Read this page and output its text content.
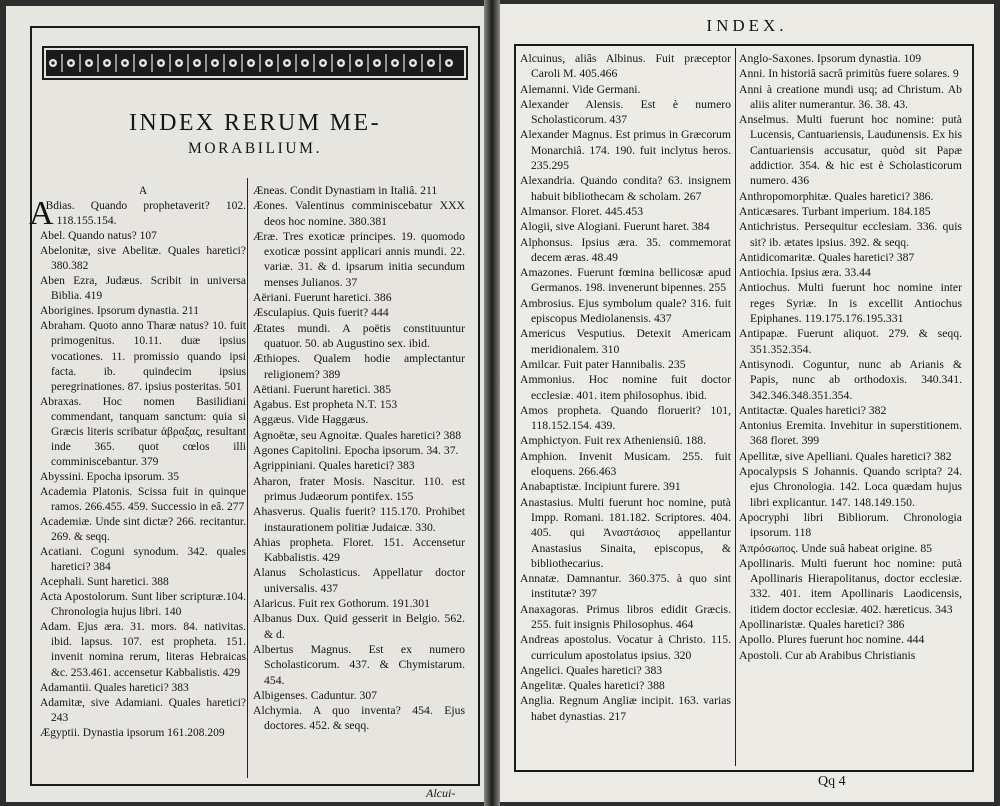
INDEX RERUM ME-
MORABILIUM.
A

A
Bdias. Quando prophetaverit? 102. 118.155.154.

Abel. Quando natus? 107

Abelonitæ, sive Abelitæ. Quales haretici? 380.382

Aben Ezra, Judæus. Scribit in universa Biblia. 419

Aborigines. Ipsorum dynastia. 211

Abraham. Quoto anno Tharæ natus? 10. fuit primogenitus. 10.11. duæ ipsius vocationes. 11. promissio quando ipsi facta. ib. quindecim ipsius peregrinationes. 87. ipsius posteritas. 501

Abraxas. Hoc nomen Basilidiani commendant, tanquam sanctum: quia si Græcis literis scribatur ἀβραξας, resultant inde 365. quot cœlos illi comminiscebantur. 379

Abyssini. Epocha ipsorum. 35

Academia Platonis. Scissa fuit in quinque ramos. 266.455. 459. Successio in eâ. 277

Academiæ. Unde sint dictæ? 266. recitantur. 269. & seqq.

Acatiani. Coguni synodum. 342. quales haretici? 384

Acephali. Sunt haretici. 388

Acta Apostolorum. Sunt liber scripturæ.104. Chronologia hujus libri. 140

Adam. Ejus æra. 31. mors. 84. nativitas. ibid. lapsus. 107. est propheta. 151. invenit nomina rerum, literas Hebraicas &c. 253.461. accensetur Kabbalistis. 429

Adamantii. Quales haretici? 383

Adamitæ, sive Adamiani. Quales haretici? 243

Ægyptii. Dynastia ipsorum 161.208.209

Æneas. Condit Dynastiam in Italiâ. 211

Æones. Valentinus comminiscebatur XXX deos hoc nomine. 380.381

Æræ. Tres exoticæ principes. 19. quomodo exoticæ possint applicari annis mundi. 22. variæ. 31. & d. ipsarum initia secundum menses Julianos. 37

Aëriani. Fuerunt haretici. 386

Æsculapius. Quis fuerit? 444

Ætates mundi. A poëtis constituuntur quatuor. 50. ab Augustino sex. ibid.

Æthiopes. Qualem hodie amplectantur religionem? 389

Aëtiani. Fuerunt haretici. 385

Agabus. Est propheta N.T. 153

Aggæus. Vide Haggæus.

Agnoëtæ, seu Agnoitæ. Quales haretici? 388

Agones Capitolini. Epocha ipsorum. 34. 37.

Agrippiniani. Quales haretici? 383

Aharon, frater Mosis. Nascitur. 110. est primus Judæorum pontifex. 155

Ahasverus. Qualis fuerit? 115.170. Prohibet instaurationem politiæ Judaicæ. 330.

Ahias propheta. Floret. 151. Accensetur Kabbalistis. 429

Alanus Scholasticus. Appellatur doctor universalis. 437

Alaricus. Fuit rex Gothorum. 191.301

Albanus Dux. Quid gesserit in Belgio. 562. & d.

Albertus Magnus. Est ex numero Scholasticorum. 437. & Chymistarum. 454.

Albigenses. Caduntur. 307

Alchymia. A quo inventa? 454. Ejus doctores. 452. & seqq.

Alcui-
INDEX.

Alcuinus, aliâs Albinus. Fuit præceptor Caroli M. 405.466

Alemanni. Vide Germani.

Alexander Alensis. Est è numero Scholasticorum. 437

Alexander Magnus. Est primus in Græcorum Monarchiâ. 174. 190. fuit inclytus heros. 235.295

Alexandria. Quando condita? 63. insignem habuit bibliothecam & scholam. 267

Almansor. Floret. 445.453

Alogii, sive Alogiani. Fuerunt haret. 384

Alphonsus. Ipsius æra. 35. commemorat decem æras. 48.49

Amazones. Fuerunt fœmina bellicosæ apud Germanos. 198. invenerunt bipennes. 255

Ambrosius. Ejus symbolum quale? 316. fuit episcopus Mediolanensis. 437

Americus Vesputius. Detexit Americam meridionalem. 310

Amilcar. Fuit pater Hannibalis. 235

Ammonius. Hoc nomine fuit doctor ecclesiæ. 401. item philosophus. ibid.

Amos propheta. Quando floruerit? 101, 118.152.154. 439.

Amphictyon. Fuit rex Atheniensiû. 188.

Amphion. Invenit Musicam. 255. fuit eloquens. 266.463

Anabaptistæ. Incipiunt furere. 391

Anastasius. Multi fuerunt hoc nomine, putà Impp. Romani. 181.182. Scriptores. 404. 405. qui Ἀναστάσιος appellantur Anastasius Sinaita, episcopus, & bibliothecarius.

Annatæ. Damnantur. 360.375. à quo sint institutæ? 397

Anaxagoras. Primus libros edidit Græcis. 255. fuit insignis Philosophus. 464

Andreas apostolus. Vocatur à Christo. 115. curriculum apostolatus ipsius. 320

Angelici. Quales haretici? 383

Angelitæ. Quales haretici? 388

Anglia. Regnum Angliæ incipit. 163. varias habet dynastias. 217

Anglo-Saxones. Ipsorum dynastia. 109

Anni. In historiâ sacrâ primitùs fuere solares. 9

Anni à creatione mundi usq; ad Christum. Ab aliis aliter numerantur. 36. 38. 43.

Anselmus. Multi fuerunt hoc nomine: putà Lucensis, Cantuariensis, Laudunensis. Ex his Cantuariensis accusatur, quòd sit Papæ addictior. 354. & hic est è Scholasticorum numero. 436

Anthropomorphitæ. Quales haretici? 386.

Anticæsares. Turbant imperium. 184.185

Antichristus. Persequitur ecclesiam. 336. quis sit? ib. ætates ipsius. 392. & seqq.

Antidicomaritæ. Quales haretici? 387

Antiochia. Ipsius æra. 33.44

Antiochus. Multi fuerunt hoc nomine inter reges Syriæ. In is excellit Antiochus Epiphanes. 119.175.176.195.331

Antipapæ. Fuerunt aliquot. 279. & seqq. 351.352.354.

Antisynodi. Coguntur, nunc ab Arianis & Papis, nunc ab orthodoxis. 340.341. 342.346.348.351.354.

Antitactæ. Quales haretici? 382

Antonius Eremita. Invehitur in superstitionem. 368 floret. 399

Apellitæ, sive Apelliani. Quales haretici? 382

Apocalypsis S Johannis. Quando scripta? 24. ejus Chronologia. 142. Loca quædam hujus libri explicantur. 147. 148.149.150.

Apocryphi libri Bibliorum. Chronologia ipsorum. 118

Ἀπρόσωπος. Unde suâ habeat origine. 85

Apollinaris. Multi fuerunt hoc nomine: putà Apollinaris Hierapolitanus, doctor ecclesiæ. 332. 401. item Apollinaris Laodicensis, itidem doctor ecclesiæ. 402. hæreticus. 343

Apollinaristæ. Quales haretici? 386

Apollo. Plures fuerunt hoc nomine. 444

Apostoli. Cur ab Arabibus Christianis

Qq 4
